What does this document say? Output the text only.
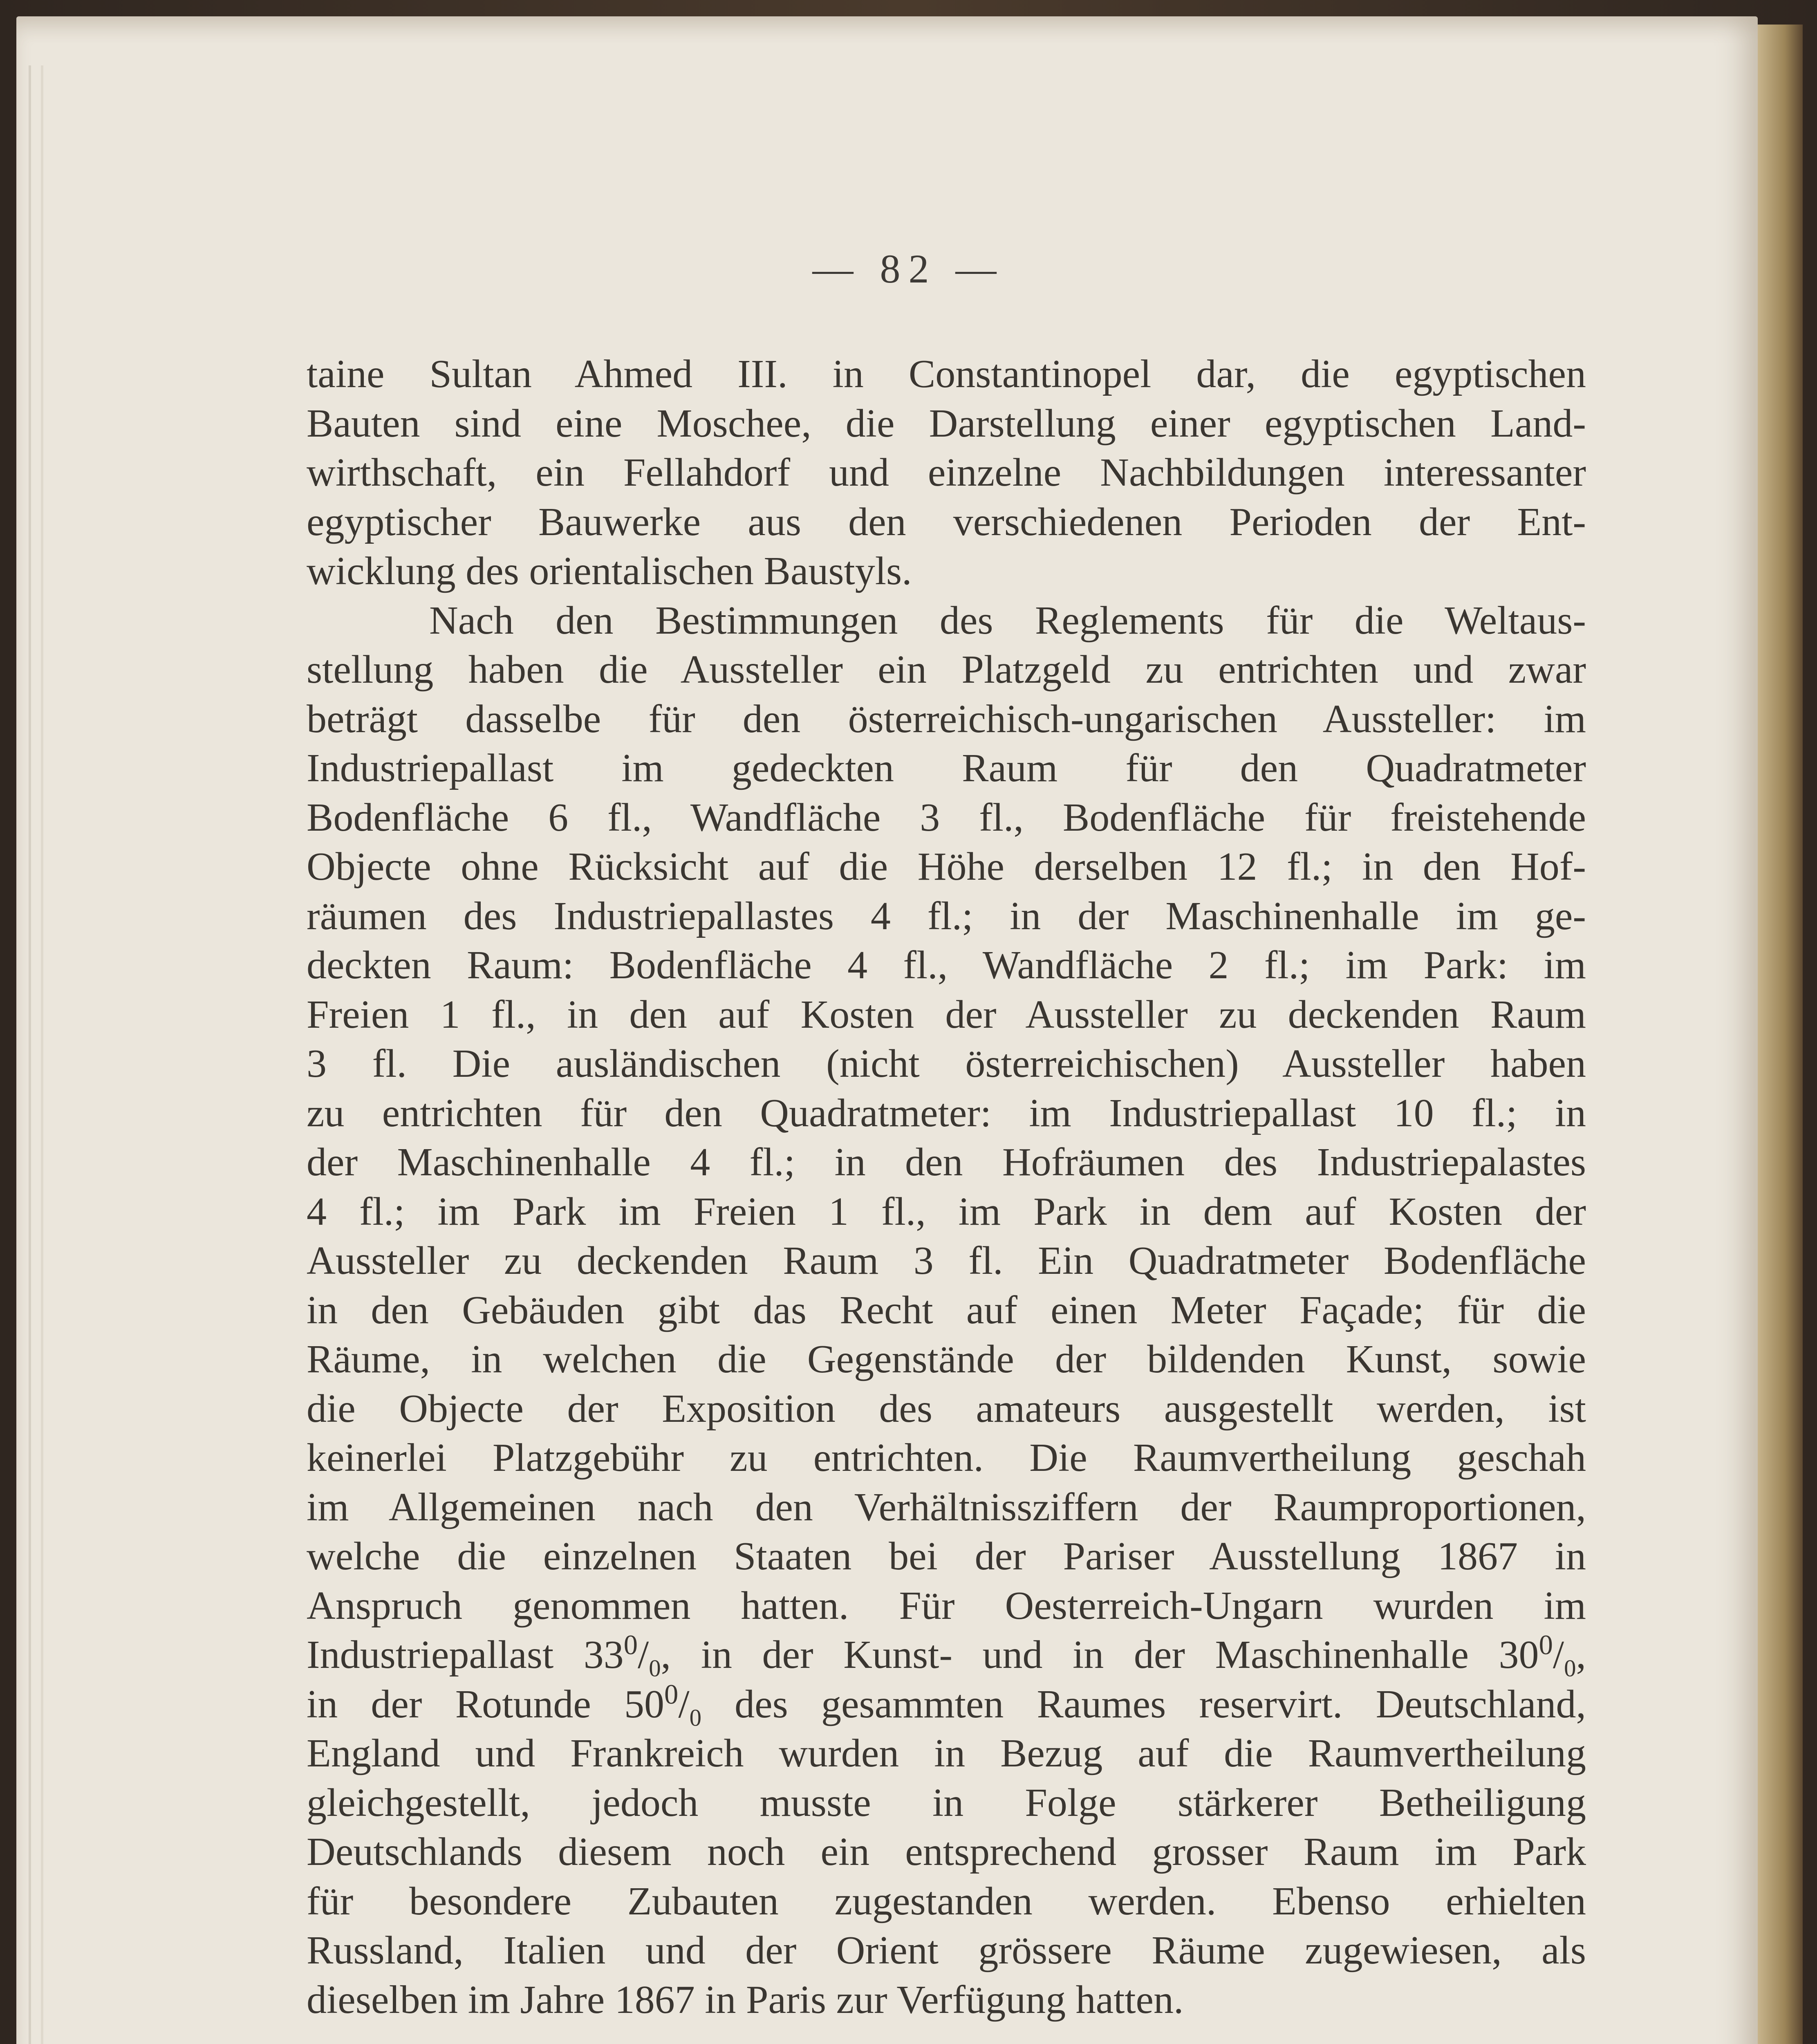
— 82 —
taine Sultan Ahmed III. in Constantinopel dar, die egyptischen
Bauten sind eine Moschee, die Darstellung einer egyptischen Land-
wirthschaft, ein Fellahdorf und einzelne Nachbildungen interessanter
egyptischer Bauwerke aus den verschiedenen Perioden der Ent-
wicklung des orientalischen Baustyls.
Nach den Bestimmungen des Reglements für die Weltaus-
stellung haben die Aussteller ein Platzgeld zu entrichten und zwar
beträgt dasselbe für den österreichisch-ungarischen Aussteller: im
Industriepallast im gedeckten Raum für den Quadratmeter
Bodenfläche 6 fl., Wandfläche 3 fl., Bodenfläche für freistehende
Objecte ohne Rücksicht auf die Höhe derselben 12 fl.; in den Hof-
räumen des Industriepallastes 4 fl.; in der Maschinenhalle im ge-
deckten Raum: Bodenfläche 4 fl., Wandfläche 2 fl.; im Park: im
Freien 1 fl., in den auf Kosten der Aussteller zu deckenden Raum
3 fl. Die ausländischen (nicht österreichischen) Aussteller haben
zu entrichten für den Quadratmeter: im Industriepallast 10 fl.; in
der Maschinenhalle 4 fl.; in den Hofräumen des Industriepalastes
4 fl.; im Park im Freien 1 fl., im Park in dem auf Kosten der
Aussteller zu deckenden Raum 3 fl. Ein Quadratmeter Bodenfläche
in den Gebäuden gibt das Recht auf einen Meter Façade; für die
Räume, in welchen die Gegenstände der bildenden Kunst, sowie
die Objecte der Exposition des amateurs ausgestellt werden, ist
keinerlei Platzgebühr zu entrichten. Die Raumvertheilung geschah
im Allgemeinen nach den Verhältnissziffern der Raumproportionen,
welche die einzelnen Staaten bei der Pariser Ausstellung 1867 in
Anspruch genommen hatten. Für Oesterreich-Ungarn wurden im
Industriepallast $33^0/_0$, in der Kunst- und in der Maschinenhalle $30^0/_0$,
in der Rotunde $50^0/_0$ des gesammten Raumes reservirt. Deutschland,
England und Frankreich wurden in Bezug auf die Raumvertheilung
gleichgestellt, jedoch musste in Folge stärkerer Betheiligung
Deutschlands diesem noch ein entsprechend grosser Raum im Park
für besondere Zubauten zugestanden werden. Ebenso erhielten
Russland, Italien und der Orient grössere Räume zugewiesen, als
dieselben im Jahre 1867 in Paris zur Verfügung hatten.
